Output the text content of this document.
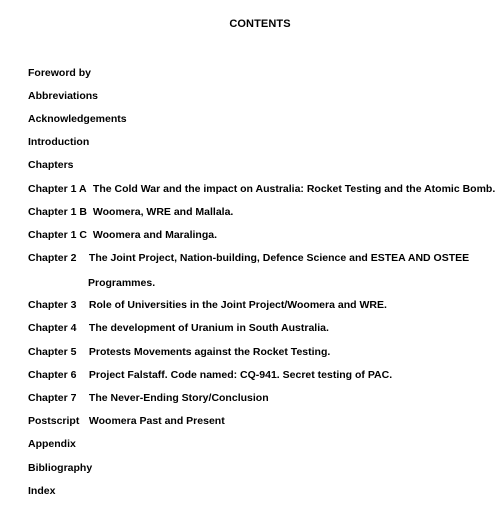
CONTENTS
Foreword by
Abbreviations
Acknowledgements
Introduction
Chapters
Chapter 1 A The Cold War and the impact on Australia: Rocket Testing and the Atomic Bomb.
Chapter 1 B Woomera, WRE and Mallala.
Chapter 1 C Woomera and Maralinga.
Chapter 2 The Joint Project, Nation-building, Defence Science and ESTEA AND OSTEE
Programmes.
Chapter 3 Role of Universities in the Joint Project/Woomera and WRE.
Chapter 4 The development of Uranium in South Australia.
Chapter 5 Protests Movements against the Rocket Testing.
Chapter 6 Project Falstaff. Code named: CQ-941. Secret testing of PAC.
Chapter 7 The Never-Ending Story/Conclusion
Postscript Woomera Past and Present
Appendix
Bibliography
Index
